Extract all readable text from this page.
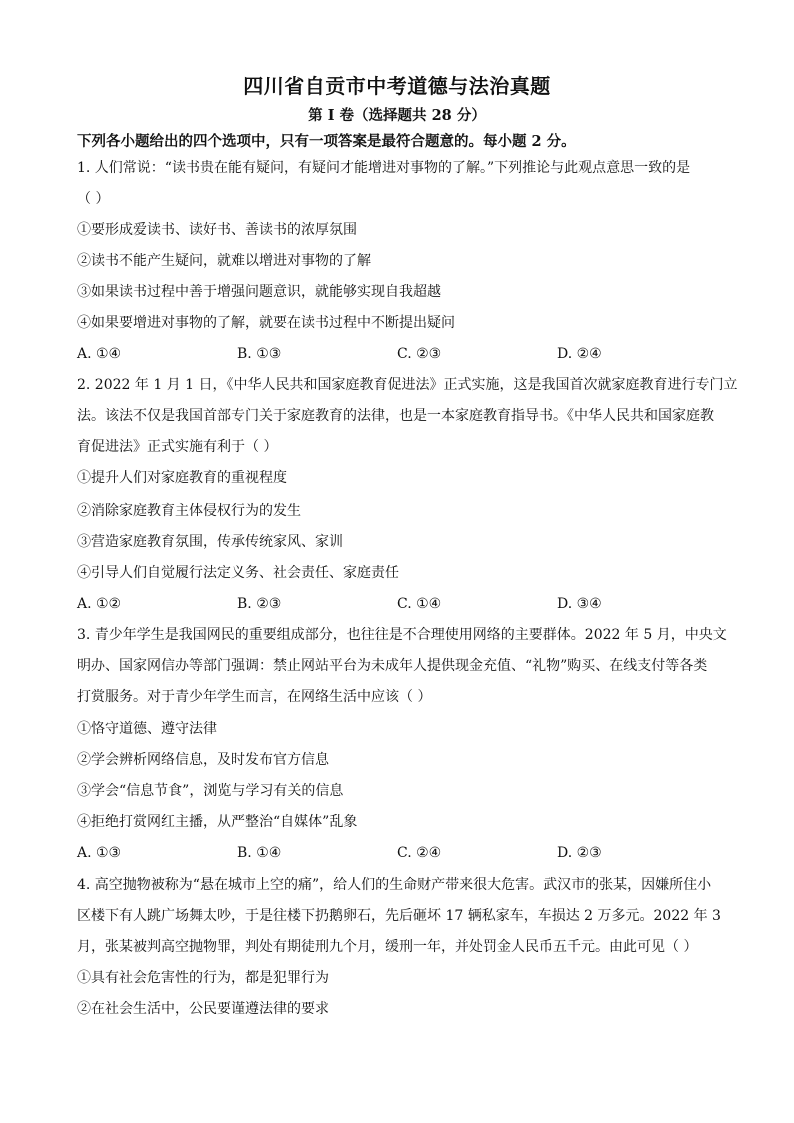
四川省自贡市中考道德与法治真题
第 I 卷（选择题共 28 分）
下列各小题给出的四个选项中，只有一项答案是最符合题意的。每小题 2 分。
1. 人们常说：“读书贵在能有疑问，有疑问才能增进对事物的了解。”下列推论与此观点意思一致的是
（ ）
①要形成爱读书、读好书、善读书的浓厚氛围
②读书不能产生疑问，就难以增进对事物的了解
③如果读书过程中善于增强问题意识，就能够实现自我超越
④如果要增进对事物的了解，就要在读书过程中不断提出疑问
A. ①④	B. ①③	C. ②③	D. ②④
2. 2022 年 1 月 1 日，《中华人民共和国家庭教育促进法》正式实施，这是我国首次就家庭教育进行专门立
法。该法不仅是我国首部专门关于家庭教育的法律，也是一本家庭教育指导书。《中华人民共和国家庭教
育促进法》正式实施有利于（ ）
①提升人们对家庭教育的重视程度
②消除家庭教育主体侵权行为的发生
③营造家庭教育氛围，传承传统家风、家训
④引导人们自觉履行法定义务、社会责任、家庭责任
A. ①②	B. ②③	C. ①④	D. ③④
3. 青少年学生是我国网民的重要组成部分，也往往是不合理使用网络的主要群体。2022 年 5 月，中央文
明办、国家网信办等部门强调：禁止网站平台为未成年人提供现金充值、“礼物”购买、在线支付等各类
打赏服务。对于青少年学生而言，在网络生活中应该（ ）
①恪守道德、遵守法律
②学会辨析网络信息，及时发布官方信息
③学会“信息节食”，浏览与学习有关的信息
④拒绝打赏网红主播，从严整治“自媒体”乱象
A. ①③	B. ①④	C. ②④	D. ②③
4. 高空抛物被称为“悬在城市上空的痛”，给人们的生命财产带来很大危害。武汉市的张某，因嫌所住小
区楼下有人跳广场舞太吵，于是往楼下扔鹅卵石，先后砸坏 17 辆私家车，车损达 2 万多元。2022 年 3
月，张某被判高空抛物罪，判处有期徒刑九个月，缓刑一年，并处罚金人民币五千元。由此可见（ ）
①具有社会危害性的行为，都是犯罪行为
②在社会生活中，公民要谨遵法律的要求
